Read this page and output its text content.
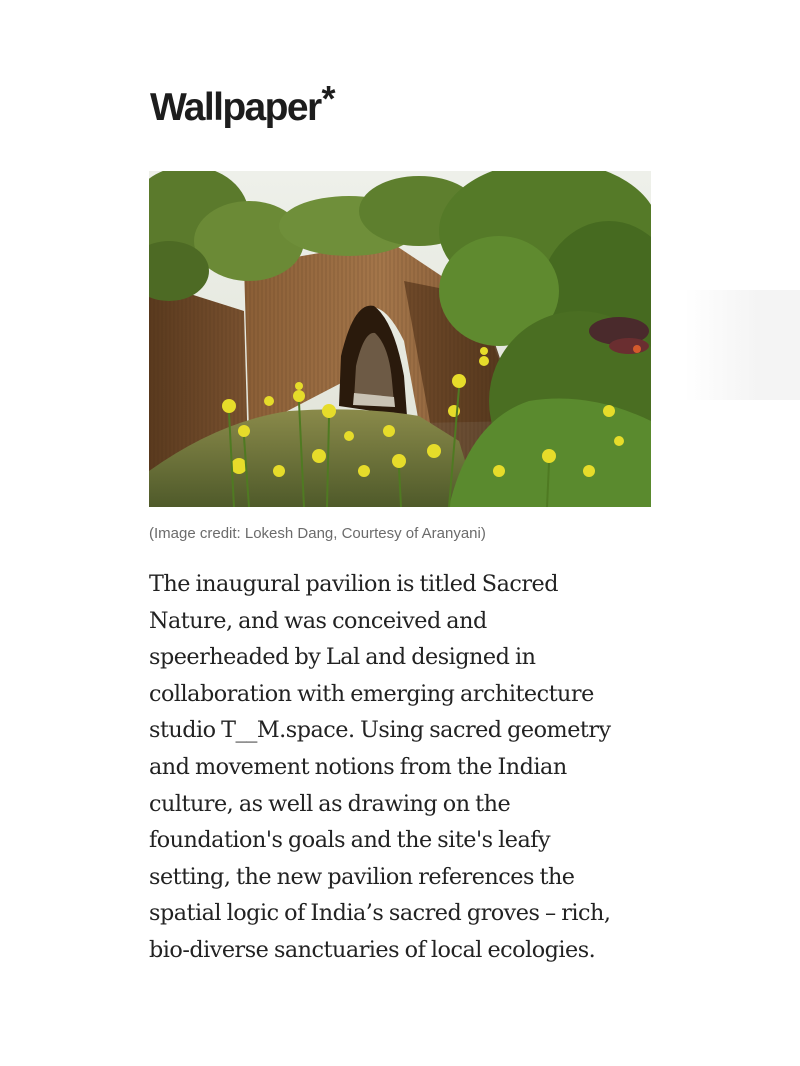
Wallpaper*
(Image credit: Lokesh Dang, Courtesy of Aranyani)
The inaugural pavilion is titled Sacred
Nature, and was conceived and
speerheaded by Lal and designed in
collaboration with emerging architecture
studio T__M.space. Using sacred geometry
and movement notions from the Indian
culture, as well as drawing on the
foundation's goals and the site's leafy
setting, the new pavilion references the
spatial logic of India’s sacred groves – rich,
bio-diverse sanctuaries of local ecologies.
